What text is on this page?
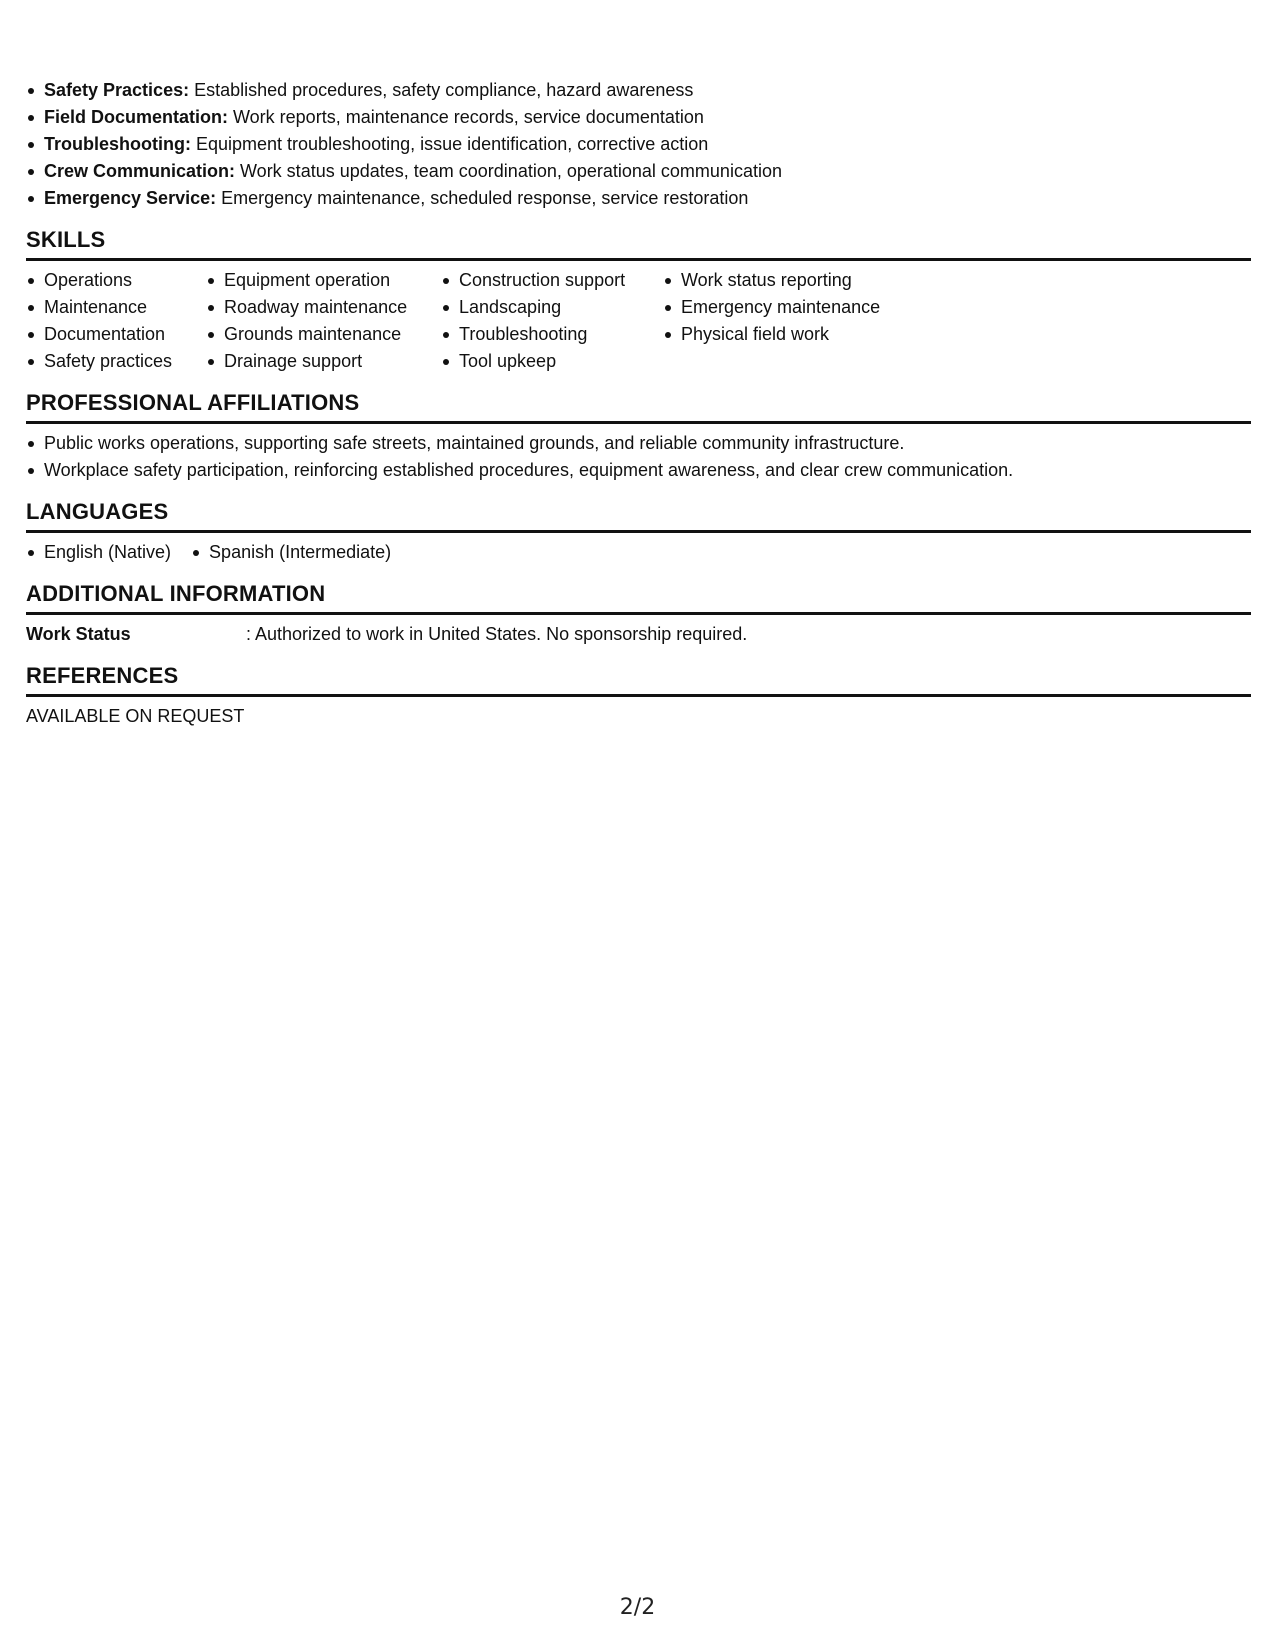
Safety Practices: Established procedures, safety compliance, hazard awareness
Field Documentation: Work reports, maintenance records, service documentation
Troubleshooting: Equipment troubleshooting, issue identification, corrective action
Crew Communication: Work status updates, team coordination, operational communication
Emergency Service: Emergency maintenance, scheduled response, service restoration
SKILLS
Operations
Maintenance
Documentation
Safety practices
Equipment operation
Roadway maintenance
Grounds maintenance
Drainage support
Construction support
Landscaping
Troubleshooting
Tool upkeep
Work status reporting
Emergency maintenance
Physical field work
PROFESSIONAL AFFILIATIONS
Public works operations, supporting safe streets, maintained grounds, and reliable community infrastructure.
Workplace safety participation, reinforcing established procedures, equipment awareness, and clear crew communication.
LANGUAGES
English (Native)	Spanish (Intermediate)
ADDITIONAL INFORMATION
Work Status	: Authorized to work in United States. No sponsorship required.
REFERENCES
AVAILABLE ON REQUEST
2/2
